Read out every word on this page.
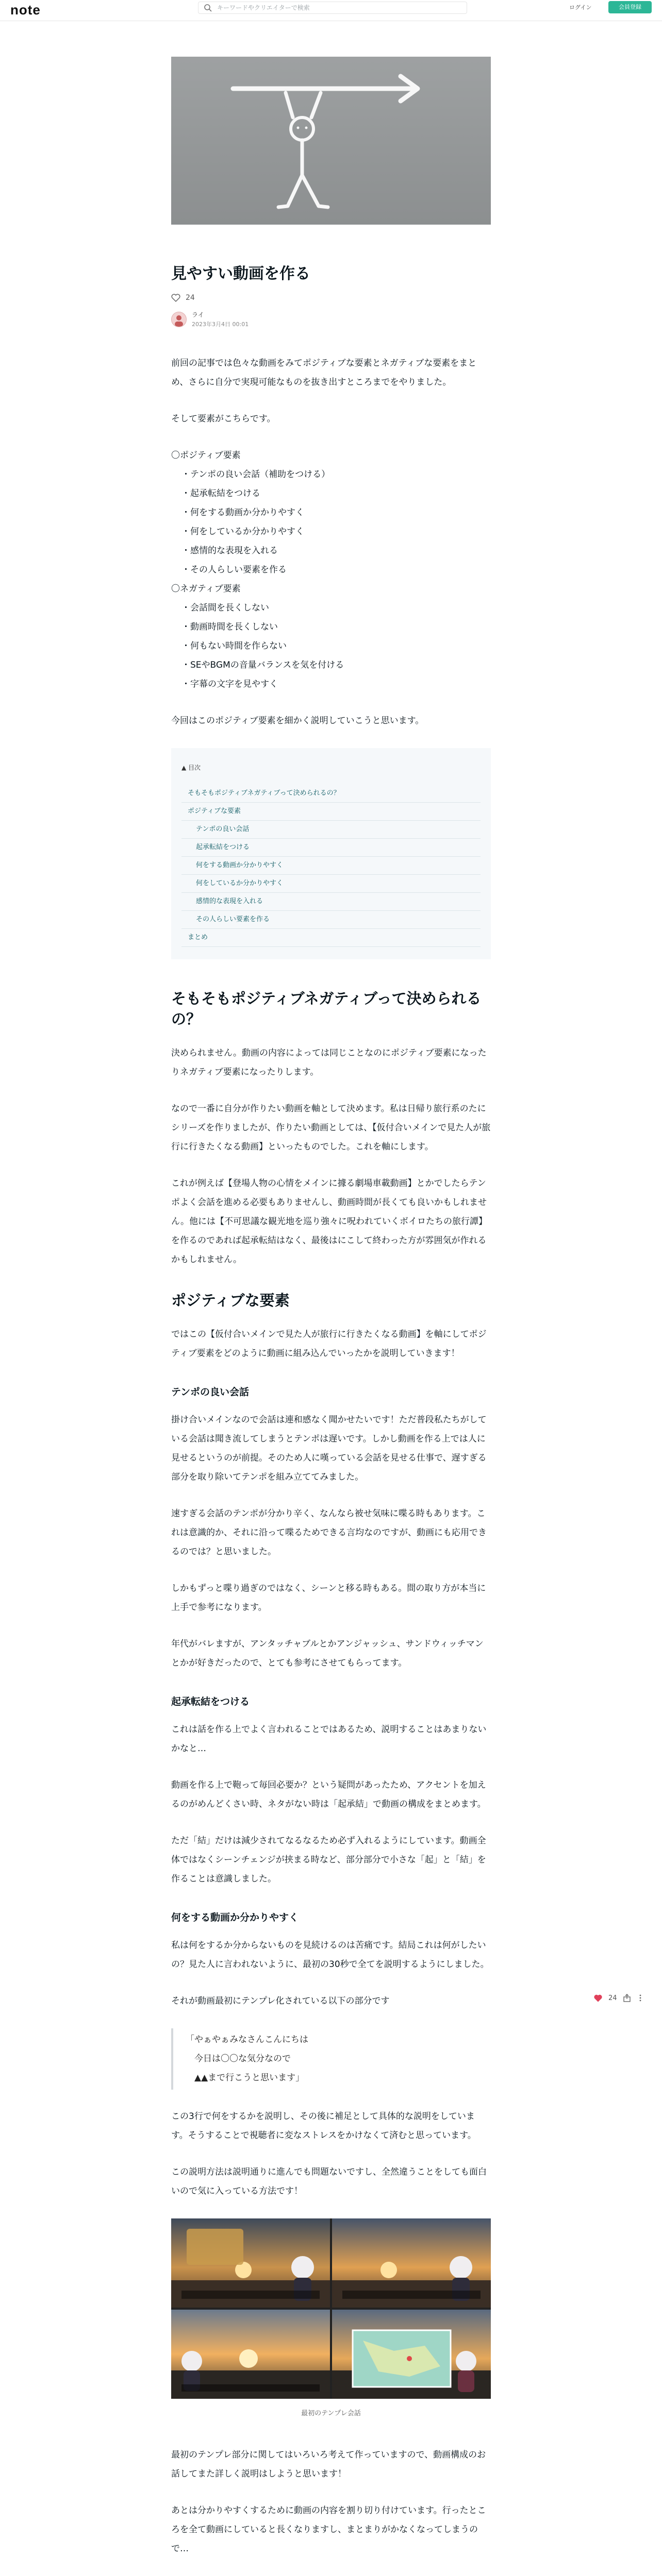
note
キーワードやクリエイターで検索	ログイン	会員登録
見やすい動画を作る
24
ライ
2023年3月4日 00:01

前回の記事では色々な動画をみてポジティブな要素とネガティブな要素をまとめ、さらに自分で実現可能なものを抜き出すところまでをやりました。

そして要素がこちらです。

〇ポジティブ要素
・テンポの良い会話（補助をつける）
・起承転結をつける
・何をする動画か分かりやすく
・何をしているか分かりやすく
・感情的な表現を入れる
・その人らしい要素を作る
〇ネガティブ要素
・会話間を長くしない
・動画時間を長くしない
・何もない時間を作らない
・SEやBGMの音量バランスを気を付ける
・字幕の文字を見やすく

今回はこのポジティブ要素を細かく説明していこうと思います。

▲ 目次
そもそもポジティブネガティブって決められるの？
ポジティブな要素
テンポの良い会話
起承転結をつける
何をする動画か分かりやすく
何をしているか分かりやすく
感情的な表現を入れる
その人らしい要素を作る
まとめ
そもそもポジティブネガティブって決められるの？

決められません。動画の内容によっては同じことなのにポジティブ要素になったりネガティブ要素になったりします。

なので一番に自分が作りたい動画を軸として決めます。私は日帰り旅行系のたにシリーズを作りましたが、作りたい動画としては、【仮付合いメインで見た人が旅行に行きたくなる動画】といったものでした。これを軸にします。

これが例えば【登場人物の心情をメインに據る劇場車載動画】とかでしたらテンポよく会話を進める必要もありませんし、動画時間が長くても良いかもしれません。他には【不可思議な観光地を巡り強々に呪われていくボイロたちの旅行譚】を作るのであれば起承転結はなく、最後はにこして終わった方が雰囲気が作れるかもしれません。

ポジティブな要素

ではこの【仮付合いメインで見た人が旅行に行きたくなる動画】を軸にしてポジティブ要素をどのように動画に組み込んでいったかを説明していきます！

テンポの良い会話

掛け合いメインなので会話は連和感なく聞かせたいです！ただ普段私たちがしている会話は聞き流してしまうとテンポは遅いです。しかし動画を作る上では人に見せるというのが前提。そのため人に嘆っている会話を見せる仕事で、遅すぎる部分を取り除いてテンポを組み立ててみました。

速すぎる会話のテンポが分かり辛く、なんなら被せ気味に喋る時もあります。これは意識的か、それに沿って喋るためできる言均なのですが、動画にも応用できるのでは？と思いました。

しかもずっと喋り過ぎのではなく、シーンと移る時もある。間の取り方が本当に上手で参考になります。

年代がバレますが、アンタッチャブルとかアンジャッシュ、サンドウィッチマンとかが好きだったので、とても参考にさせてもらってます。

起承転結をつける

これは話を作る上でよく言われることではあるため、説明することはあまりないかなと…

動画を作る上で鞄って毎回必要か？という疑問があったため、アクセントを加えるのがめんどくさい時、ネタがない時は「起承結」で動画の構成をまとめます。

ただ「結」だけは減少されてなるなるため必ず入れるようにしています。動画全体ではなくシーンチェンジが挟まる時など、部分部分で小さな「起」と「結」を作ることは意識しました。

何をする動画か分かりやすく

私は何をするか分からないものを見続けるのは苦痛です。結局これは何がしたいの？見た人に言われないように、最初の30秒で全てを説明するようにしました。

それが動画最初にテンプレ化されている以下の部分です

「やぁやぁみなさんこんにちは
　今日は〇〇な気分なので
　▲▲まで行こうと思います」

この3行で何をするかを説明し、その後に補足として具体的な説明をしています。そうすることで視聴者に変なストレスをかけなくて済むと思っています。

この説明方法は説明通りに進んでも問題ないですし、全然違うことをしても面白いので気に入っている方法です！

最初のテンプレ会話

最初のテンプレ部分に関してはいろいろ考えて作っていますので、動画構成のお話してまた詳しく説明はしようと思います！

あとは分かりやすくするために動画の内容を割り切り付けています。行ったところを全て動画にしていると長くなりますし、まとまりがかなくなってしまうので…

24
